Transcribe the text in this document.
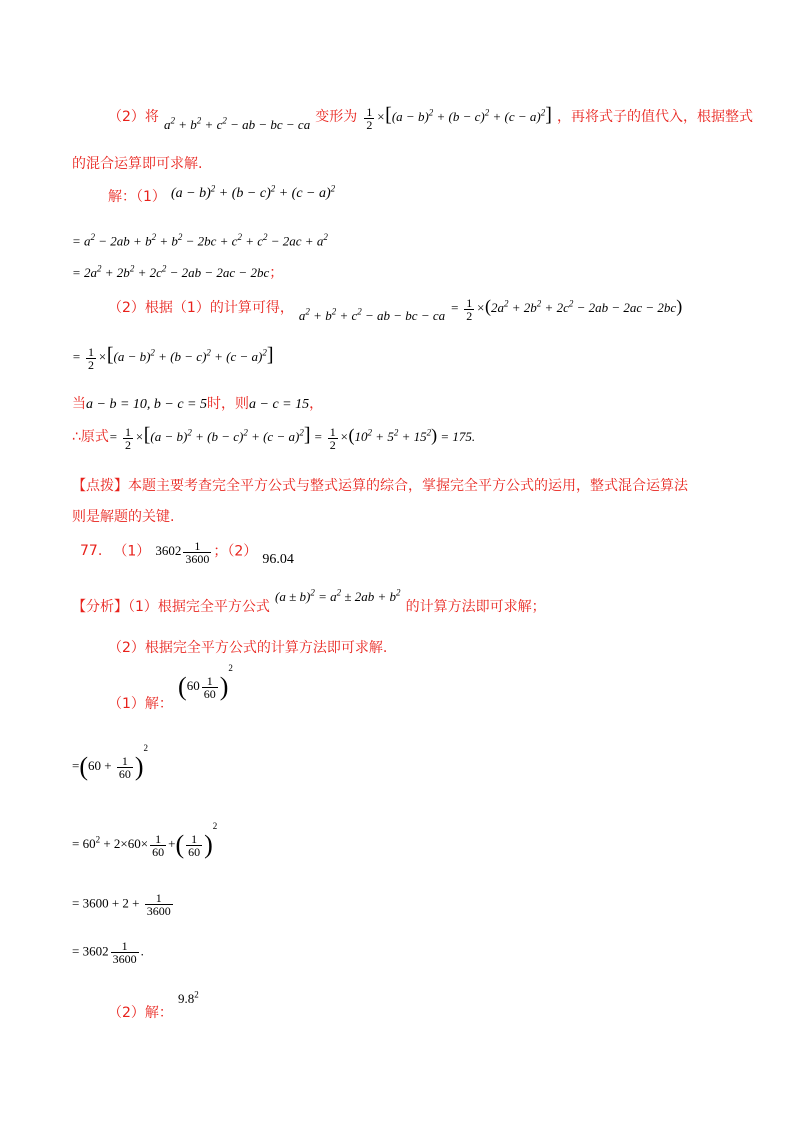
（2）将 $_{a^2 + b^2 + c^2 - ab - bc - ca}$ 变形为 $\frac{1}{2} \times[(a - b)^2 + (b - c)^2 + (c - a)^2]$ ，再将式子的值代入，根据整式
的混合运算即可求解.
解：（1） $(a - b)^2 + (b - c)^2 + (c - a)^2$
= $a^2 - 2ab + b^2 + b^2 - 2bc + c^2 + c^2 - 2ac + a^2$
= $2a^2 + 2b^2 + 2c^2 - 2ab - 2ac - 2bc$；
（2）根据（1）的计算可得， $_{a^2 + b^2 + c^2 - ab - bc - ca} = \frac{1}{2} \times(2a^2 + 2b^2 + 2c^2 - 2ab - 2ac - 2bc)$
= $\frac{1}{2} \times[(a - b)^2 + (b - c)^2 + (c - a)^2]$
当a − b = 10, b − c = 5时，则a − c = 15，
∴原式= $\frac{1}{2} \times[(a - b)^2 + (b - c)^2 + (c - a)^2] = \frac{1}{2} \times(10^2 + 5^2 + 15^2) = 175$.
【点拨】本题主要考查完全平方公式与整式运算的综合，掌握完全平方公式的运用，整式混合运算法
则是解题的关键.
77. （1） $3602 \frac{1}{3600}$ ；（2） 96.04
【分析】（1）根据完全平方公式 $^{(a \pm b)^2 = a^2 \pm 2ab + b^2}$ 的计算方法即可求解；
（2）根据完全平方公式的计算方法即可求解.
（1）解： $(60 \frac{1}{60} )^2$
$=(60 + \frac{1}{60} )^2$
= $60^2 + 2\times 60\times \frac{1}{60}$ +( $\frac{1}{60} )^2$
= $3600 + 2 + \frac{1}{3600}$
= $3602 \frac{1}{3600}$ .
（2）解： $9.8^2$
